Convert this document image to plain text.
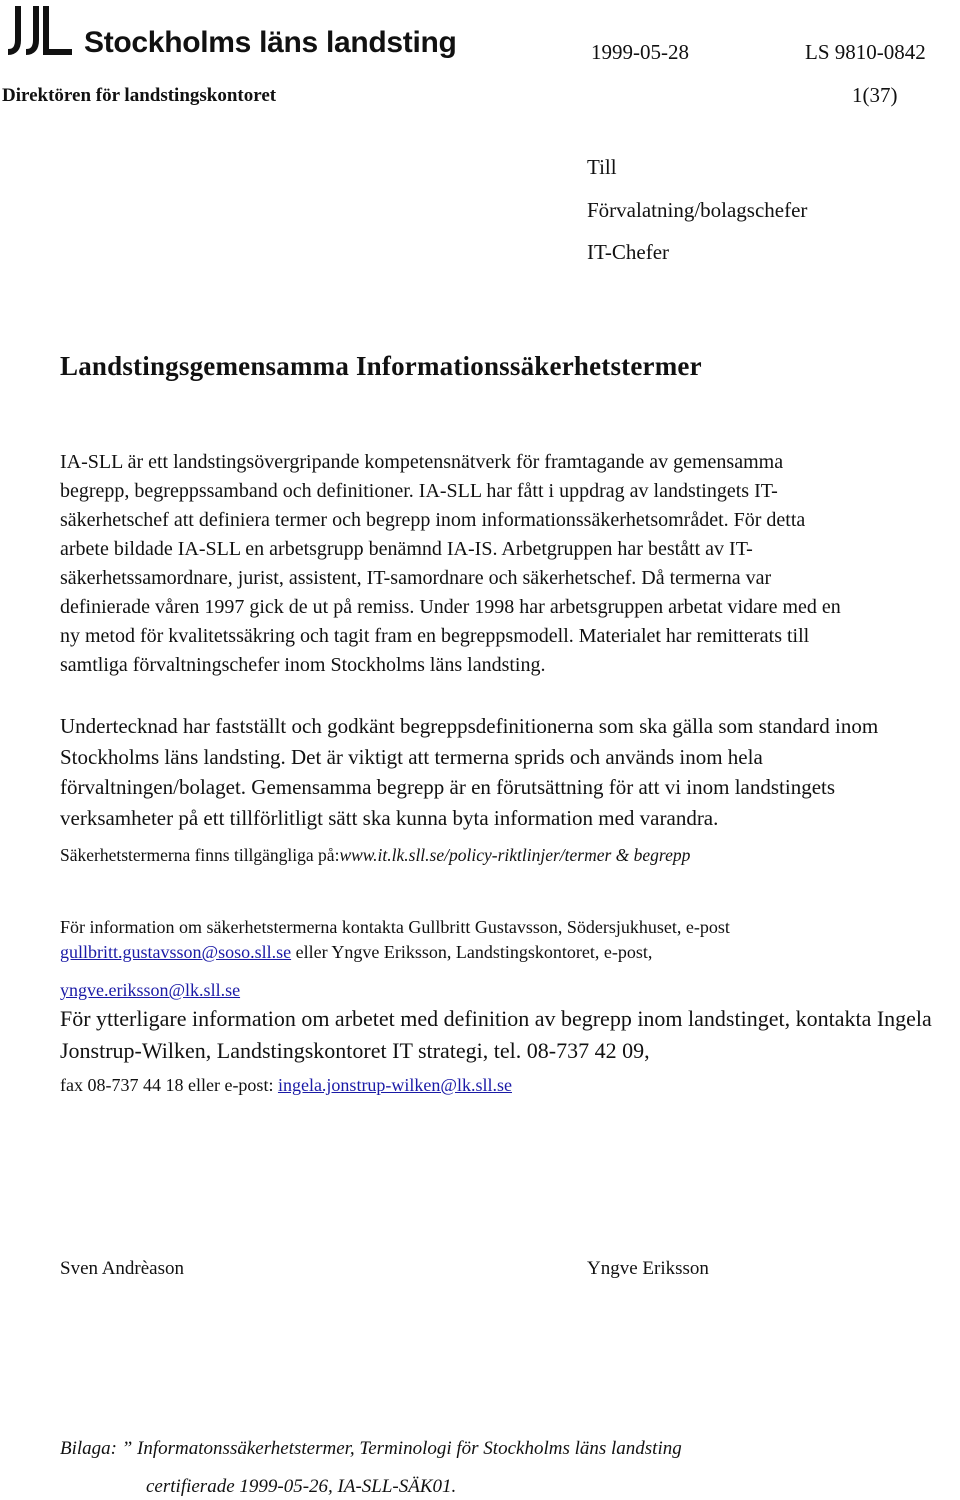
Stockholms läns landsting	1999-05-28	LS 9810-0842
Direktören för landstingskontoret	1(37)
Till
Förvalatning/bolagschefer
IT-Chefer
Landstingsgemensamma Informationssäkerhetstermer
IA-SLL är ett landstingsövergripande kompetensnätverk för framtagande av gemensamma
begrepp, begreppssamband och definitioner. IA-SLL har fått i uppdrag av landstingets IT-
säkerhetschef att definiera termer och begrepp inom informationssäkerhetsområdet. För detta
arbete bildade IA-SLL en arbetsgrupp benämnd IA-IS. Arbetgruppen har bestått av IT-
säkerhetssamordnare, jurist, assistent, IT-samordnare och säkerhetschef. Då termerna var
definierade våren 1997 gick de ut på remiss. Under 1998 har arbetsgruppen arbetat vidare med en
ny metod för kvalitetssäkring och tagit fram en begreppsmodell. Materialet har remitterats till
samtliga förvaltningschefer inom Stockholms läns landsting.
Undertecknad har fastställt och godkänt begreppsdefinitionerna som ska gälla som standard inom
Stockholms läns landsting. Det är viktigt att termerna sprids och används inom hela
förvaltningen/bolaget. Gemensamma begrepp är en förutsättning för att vi inom landstingets
verksamheter på ett tillförlitligt sätt ska kunna byta information med varandra.
Säkerhetstermerna finns tillgängliga på:www.it.lk.sll.se/policy-riktlinjer/termer & begrepp
För information om säkerhetstermerna kontakta Gullbritt Gustavsson, Södersjukhuset, e-post
gullbritt.gustavsson@soso.sll.se eller Yngve Eriksson, Landstingskontoret, e-post,
yngve.eriksson@lk.sll.se
För ytterligare information om arbetet med definition av begrepp inom landstinget, kontakta Ingela
Jonstrup-Wilken, Landstingskontoret IT strategi, tel. 08-737 42 09,
fax 08-737 44 18 eller e-post: ingela.jonstrup-wilken@lk.sll.se
Sven Andrèason	Yngve Eriksson
Bilaga: ” Informatonssäkerhetstermer, Terminologi för Stockholms läns landsting
certifierade 1999-05-26, IA-SLL-SÄK01.
